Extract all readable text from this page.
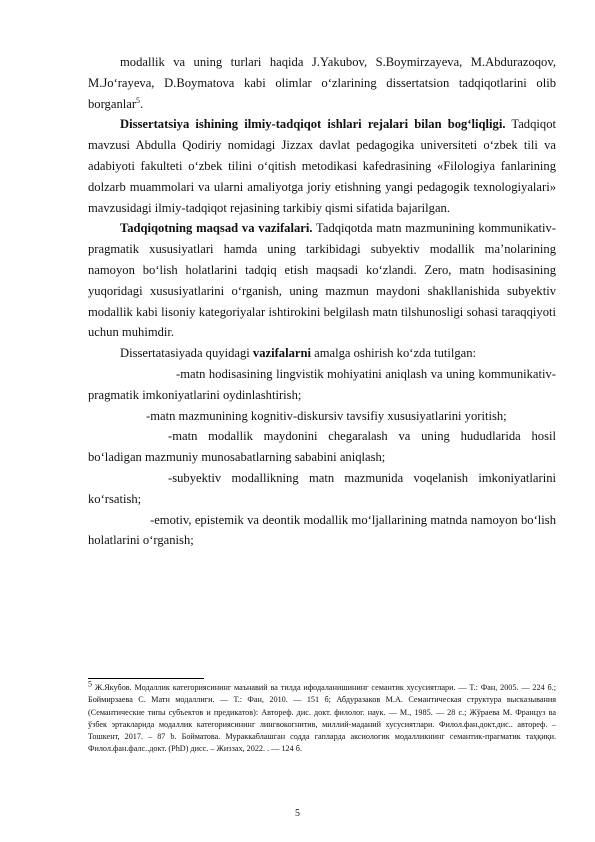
modallik va uning turlari haqida J.Yakubov, S.Boymirzayeva, M.Abdurazoqov, M.Jo‘rayeva, D.Boymatova kabi olimlar o‘zlarining dissertatsion tadqiqotlarini olib borganlar$^5$.

Dissertatsiya ishining ilmiy-tadqiqot ishlari rejalari bilan bog‘liqligi. Tadqiqot mavzusi Abdulla Qodiriy nomidagi Jizzax davlat pedagogika universiteti o‘zbek tili va adabiyoti fakulteti o‘zbek tilini o‘qitish metodikasi kafedrasining «Filologiya fanlarining dolzarb muammolari va ularni amaliyotga joriy etishning yangi pedagogik texnologiyalari» mavzusidagi ilmiy-tadqiqot rejasining tarkibiy qismi sifatida bajarilgan.

Tadqiqotning maqsad va vazifalari. Tadqiqotda matn mazmunining kommunikativ-pragmatik xususiyatlari hamda uning tarkibidagi subyektiv modallik ma’nolarining namoyon bo‘lish holatlarini tadqiq etish maqsadi ko‘zlandi. Zero, matn hodisasining yuqoridagi xususiyatlarini o‘rganish, uning mazmun maydoni shakllanishida subyektiv modallik kabi lisoniy kategoriyalar ishtirokini belgilash matn tilshunosligi sohasi taraqqiyoti uchun muhimdir.

Dissertatasiyada quyidagi vazifalarni amalga oshirish ko‘zda tutilgan:

-matn hodisasining lingvistik mohiyatini aniqlash va uning kommunikativ-pragmatik imkoniyatlarini oydinlashtirish;

-matn mazmunining kognitiv-diskursiv tavsifiy xususiyatlarini yoritish;

-matn modallik maydonini chegaralash va uning hududlarida hosil bo‘ladigan mazmuniy munosabatlarning sababini aniqlash;

-subyektiv modallikning matn mazmunida voqelanish imkoniyatlarini ko‘rsatish;

-emotiv, epistemik va deontik modallik mo‘ljallarining matnda namoyon bo‘lish holatlarini o‘rganish;

$^5$ Ж.Якубов. Модаллик категориясининг маънавий ва тилда ифодаланишининг семантик хусусиятлари. — Т.: Фан, 2005. — 224 б.; Боймирзаева С. Матн модаллиги. — Т.: Фан, 2010. — 151 б; Абдуразаков М.А. Семантическая структура высказывания (Семантические типы субъектов и предикатов): Автореф. дис. докт. филолог. наук. — М., 1985. — 28 с.; Жўраева М. Француз ва ўзбек эртакларида модаллик категориясининг лингвокогнитив, миллий-маданий хусусиятлари. Филол.фан.докт.дис.. автореф. – Тошкент, 2017. – 87 b. Бойматова. Мураккаблашган содда гапларда аксиологик модалликнинг семантик-прагматик таҳқиқи. Филол.фан.фалс..докт. (PhD) дисс. – Жиззах, 2022. . — 124 б.
5
